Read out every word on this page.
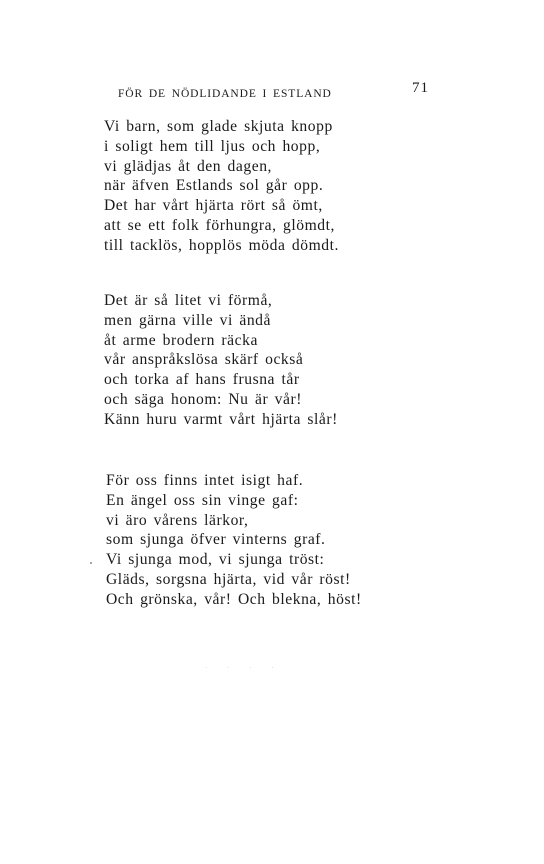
FÖR DE NÖDLIDANDE I ESTLAND	71
Vi barn, som glade skjuta knopp
i soligt hem till ljus och hopp,
vi glädjas åt den dagen,
när äfven Estlands sol går opp.
Det har vårt hjärta rört så ömt,
att se ett folk förhungra, glömdt,
till tacklös, hopplös möda dömdt.
Det är så litet vi förmå,
men gärna ville vi ändå
åt arme brodern räcka
vår anspråkslösa skärf också
och torka af hans frusna tår
och säga honom: Nu är vår!
Känn huru varmt vårt hjärta slår!
För oss finns intet isigt haf.
En ängel oss sin vinge gaf:
vi äro vårens lärkor,
som sjunga öfver vinterns graf.
Vi sjunga mod, vi sjunga tröst:
Gläds, sorgsna hjärta, vid vår röst!
Och grönska, vår! Och blekna, höst!
· · · ·
